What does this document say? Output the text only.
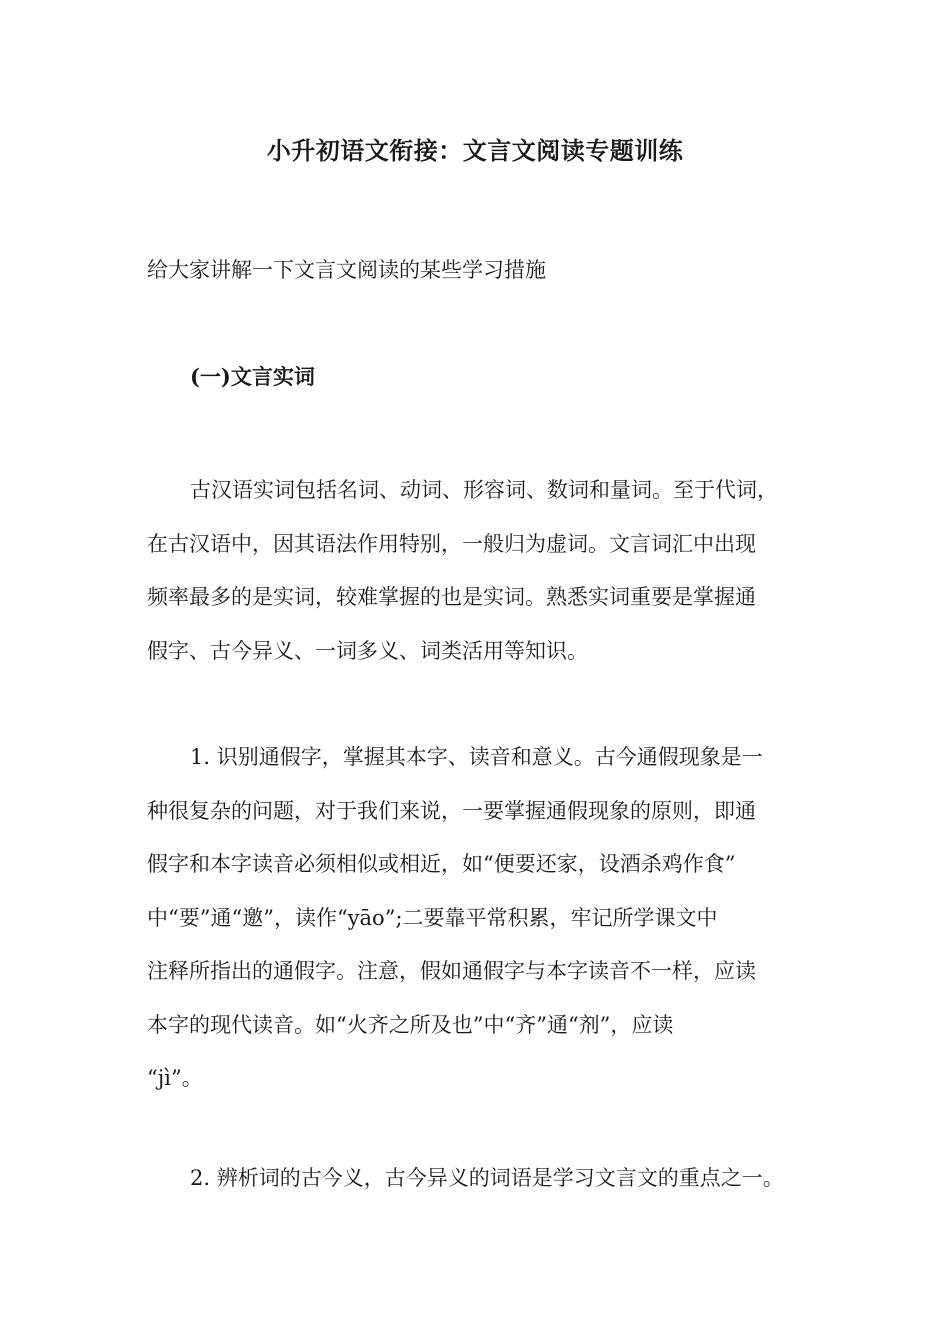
小升初语文衔接：文言文阅读专题训练
给大家讲解一下文言文阅读的某些学习措施
(一)文言实词
古汉语实词包括名词、动词、形容词、数词和量词。至于代词，
在古汉语中，因其语法作用特别，一般归为虚词。文言词汇中出现
频率最多的是实词，较难掌握的也是实词。熟悉实词重要是掌握通
假字、古今异义、一词多义、词类活用等知识。
1. 识别通假字，掌握其本字、读音和意义。古今通假现象是一
种很复杂的问题，对于我们来说，一要掌握通假现象的原则，即通
假字和本字读音必须相似或相近，如“便要还家，设酒杀鸡作食”
中“要”通“邀”，读作“yāo”;二要靠平常积累，牢记所学课文中
注释所指出的通假字。注意，假如通假字与本字读音不一样，应读
本字的现代读音。如“火齐之所及也”中“齐”通“剂”，应读
“jì”。
2. 辨析词的古今义，古今异义的词语是学习文言文的重点之一。
